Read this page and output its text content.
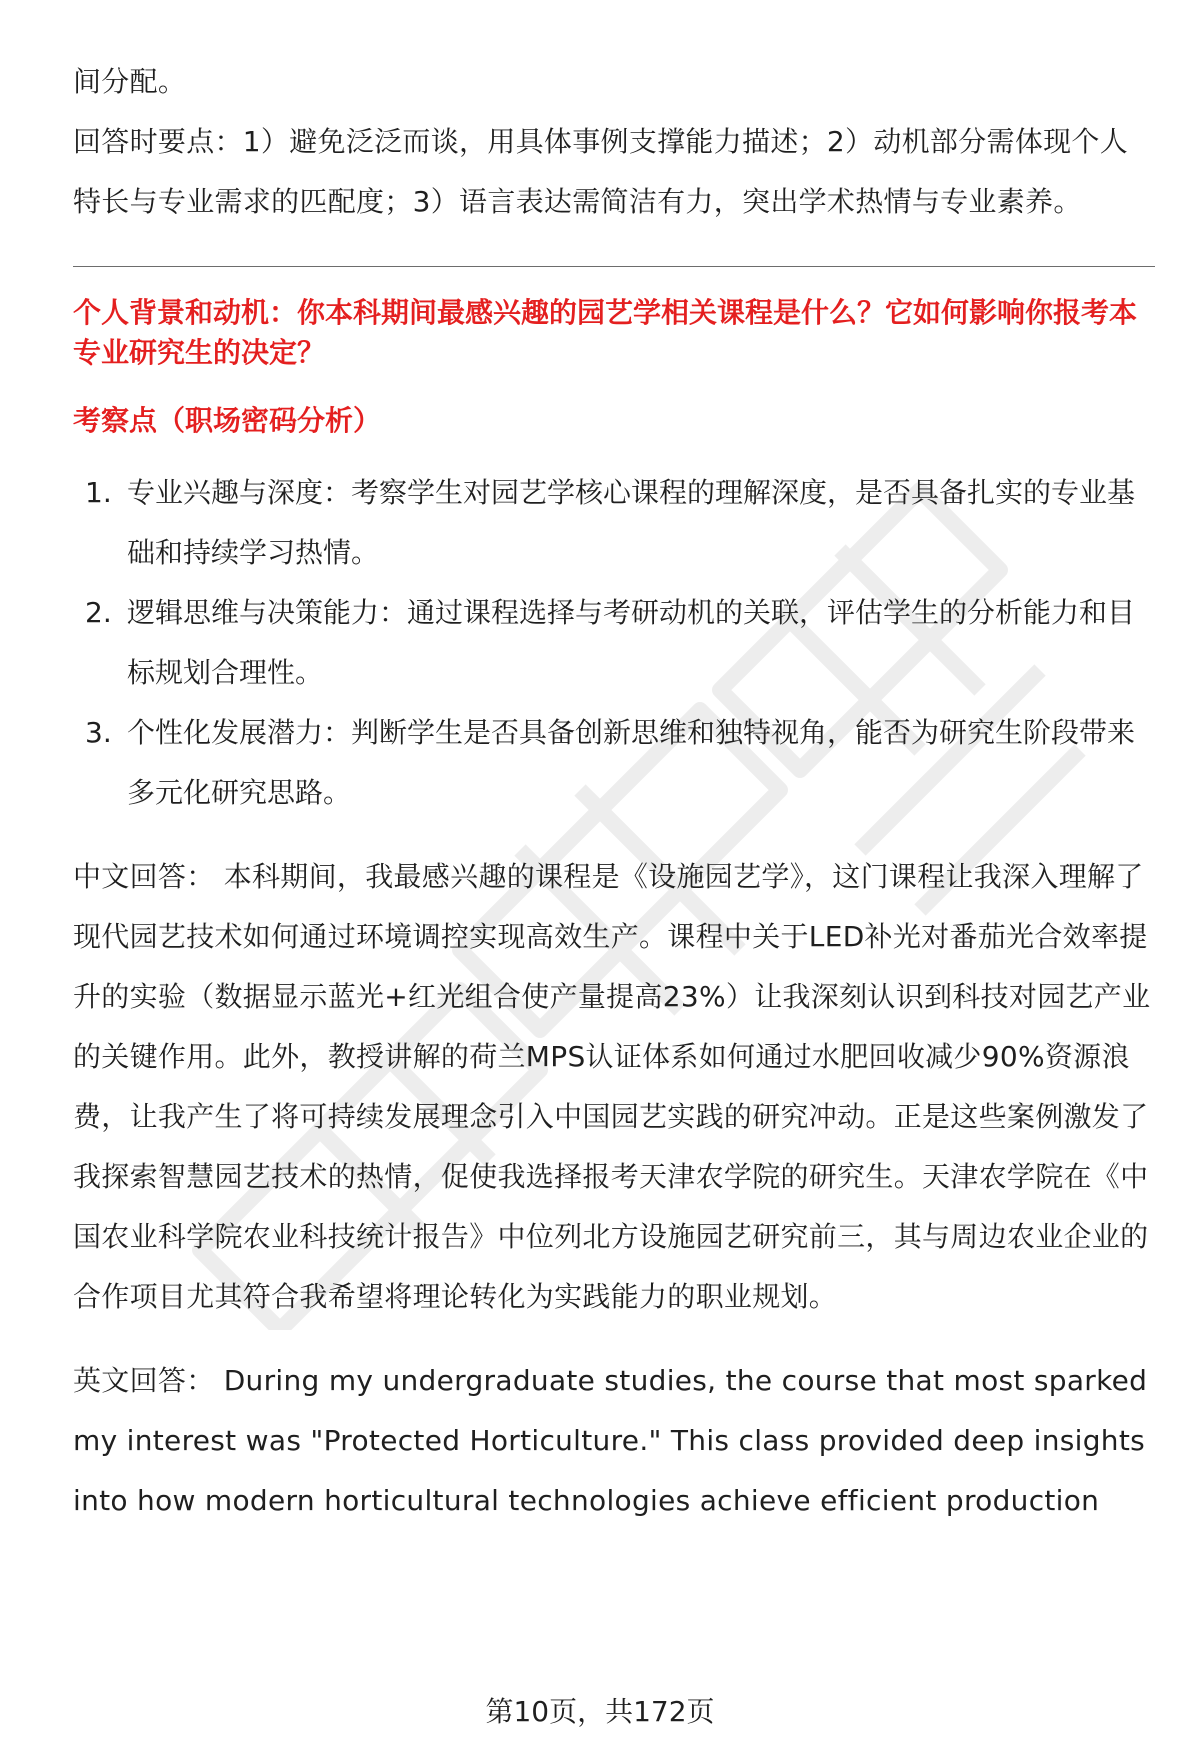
间分配。

回答时要点：1）避免泛泛而谈，用具体事例支撑能力描述；2）动机部分需体现个人特长与专业需求的匹配度；3）语言表达需简洁有力，突出学术热情与专业素养。

个人背景和动机：你本科期间最感兴趣的园艺学相关课程是什么？它如何影响你报考本专业研究生的决定？

考察点（职场密码分析）

1. 专业兴趣与深度：考察学生对园艺学核心课程的理解深度，是否具备扎实的专业基础和持续学习热情。
2. 逻辑思维与决策能力：通过课程选择与考研动机的关联，评估学生的分析能力和目标规划合理性。
3. 个性化发展潜力：判断学生是否具备创新思维和独特视角，能否为研究生阶段带来多元化研究思路。

中文回答： 本科期间，我最感兴趣的课程是《设施园艺学》，这门课程让我深入理解了现代园艺技术如何通过环境调控实现高效生产。课程中关于LED补光对番茄光合效率提升的实验（数据显示蓝光+红光组合使产量提高23%）让我深刻认识到科技对园艺产业的关键作用。此外，教授讲解的荷兰MPS认证体系如何通过水肥回收减少90%资源浪费，让我产生了将可持续发展理念引入中国园艺实践的研究冲动。正是这些案例激发了我探索智慧园艺技术的热情，促使我选择报考天津农学院的研究生。天津农学院在《中国农业科学院农业科技统计报告》中位列北方设施园艺研究前三，其与周边农业企业的合作项目尤其符合我希望将理论转化为实践能力的职业规划。

英文回答： During my undergraduate studies, the course that most sparked my interest was "Protected Horticulture." This class provided deep insights into how modern horticultural technologies achieve efficient production

第10页，共172页
